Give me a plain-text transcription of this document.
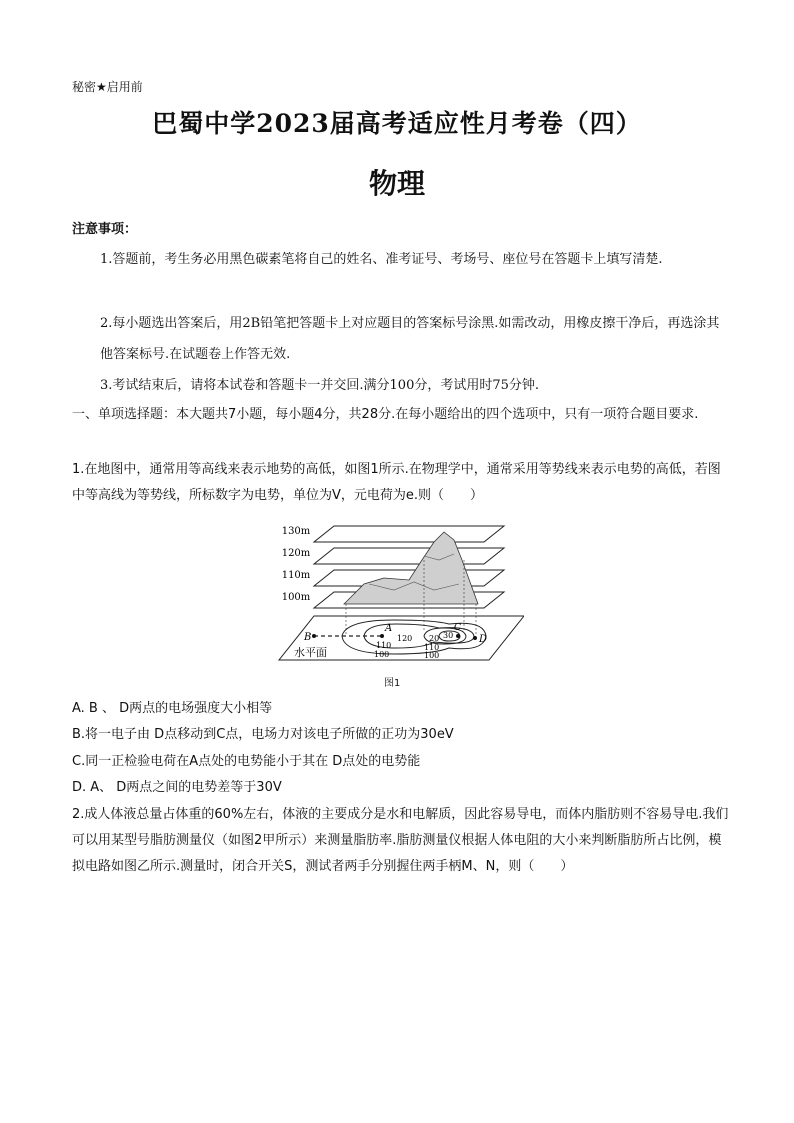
秘密★启用前
巴蜀中学2023届高考适应性月考卷（四）
物理
注意事项：
1.答题前，考生务必用黑色碳素笔将自己的姓名、准考证号、考场号、座位号在答题卡上填写清楚.
2.每小题选出答案后，用2B铅笔把答题卡上对应题目的答案标号涂黑.如需改动，用橡皮擦干净后，再选涂其他答案标号.在试题卷上作答无效.
3.考试结束后，请将本试卷和答题卡一并交回.满分100分，考试用时75分钟.
一、单项选择题：本大题共7小题，每小题4分，共28分.在每小题给出的四个选项中，只有一项符合题目要求.
1.在地图中，通常用等高线来表示地势的高低，如图1所示.在物理学中，通常采用等势线来表示电势的高低，若图中等高线为等势线，所标数字为电势，单位为V，元电荷为e.则（　　）
130m
120m
110m
100m
水平面
A
B
C
D
110
100
120 20 30
110
100
图1
A. B 、 D两点的电场强度大小相等
B.将一电子由 D点移动到C点，电场力对该电子所做的正功为30eV
C.同一正检验电荷在A点处的电势能小于其在 D点处的电势能
D. A、 D两点之间的电势差等于30V
2.成人体液总量占体重的60%左右，体液的主要成分是水和电解质，因此容易导电，而体内脂肪则不容易导电.我们可以用某型号脂肪测量仪（如图2甲所示）来测量脂肪率.脂肪测量仪根据人体电阻的大小来判断脂肪所占比例，模拟电路如图乙所示.测量时，闭合开关S，测试者两手分别握住两手柄M、N，则（　　）
